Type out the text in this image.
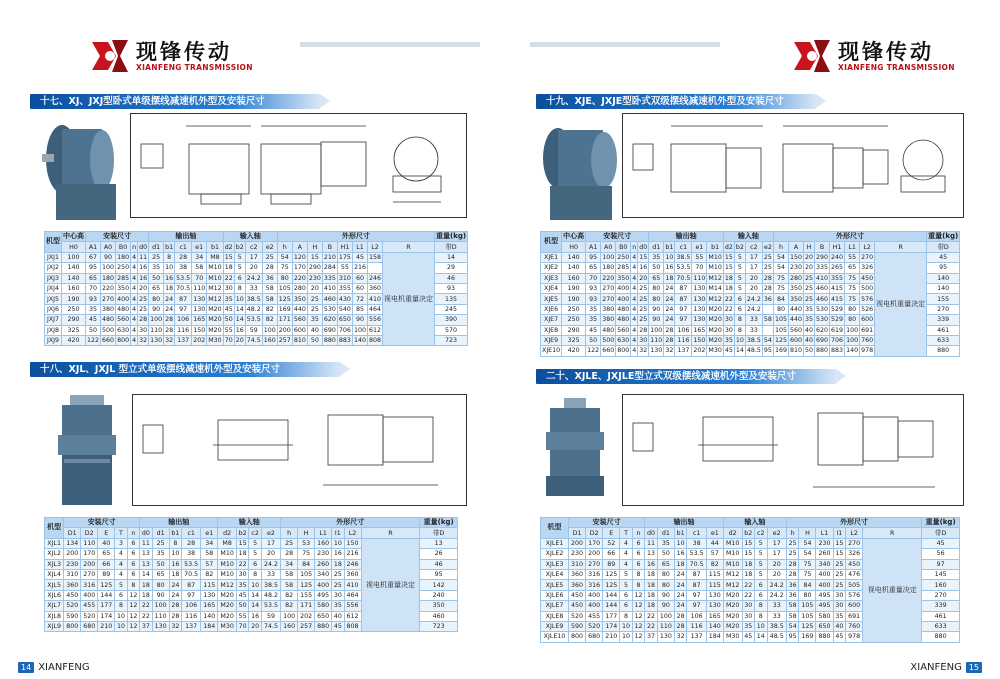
现锋传动
XIANFENG TRANSMISSION
十七、XJ、JXJ型卧式单级摆线减速机外型及安装尺寸
机型	中心高	安装尺寸					输出轴					输入轴				外形尺寸								重量(kg)
	H0	A1	A0	B0	n	d0	d1	b1	c1	e1	b1	d2	b2	c2	e2	h	A	H	B	H1	L1	L2	R	带D
JXJ1	100	67	90	180	4	11	25	8	28	34	M8	15	5	17	25	54	120	15	210	175	45	158	视电机重量决定	14
JXJ2	140	95	100	250	4	16	35	10	38	58	M10	18	5	20	28	75	170	290	284	55	216			29
JXJ3	140	65	180	285	4	16	50	16	53.5	70	M10	22	6	24.2	36	80	220	230	335	310	60	246		46
JXJ4	160	70	220	350	4	20	65	18	70.5	110	M12	30	8	33	58	105	280	20	410	355	60	360		93
JXJ5	190	93	270	400	4	25	80	24	87	130	M12	35	10	38.5	58	125	350	25	460	430	72	410		135
JXJ6	250	35	380	480	4	25	90	24	97	130	M20	45	14	48.2	82	169	440	25	530	540	85	464		245
JXJ7	290	45	480	560	4	28	100	28	106	165	M20	50	14	53.5	82	171	560	35	620	650	90	556		390
JXJ8	325	50	500	630	4	30	110	28	116	150	M20	55	16	59	100	200	600	40	690	706	100	612		570
JXJ9	420	122	660	800	4	32	130	32	137	202	M30	70	20	74.5	160	257	810	50	880	883	140	808		723
十八、XJL、JXJL 型立式单级摆线减速机外型及安装尺寸
机型	安装尺寸					输出轴					输入轴				外形尺寸						重量(kg)
	D1	D2	E	T	n	d0	d1	b1	c1	e1	d2	b2	c2	e2	h	H	L1	I1	L2	R	带D
XJL1	134	110	40	3	6	11	25	8	28	34	M8	15	5	17	25	53	160	10	150	视电机重量决定	13
XJL2	200	170	65	4	6	13	35	10	38	58	M10	18	5	20	28	75	230	16	216		26
XJL3	230	200	66	4	6	13	50	16	53.5	57	M10	22	6	24.2	34	84	260	18	246		46
XJL4	310	270	89	4	6	14	65	18	70.5	82	M10	30	8	33	58	105	340	25	360		95
XJL5	360	316	125	5	8	18	80	24	87	115	M12	35	10	38.5	58	125	400	25	410		142
XJL6	450	400	144	6	12	18	90	24	97	130	M20	45	14	48.2	82	155	495	30	464		240
XJL7	520	455	177	8	12	22	100	28	106	165	M20	50	14	53.5	82	171	580	35	556		350
XJL8	590	520	174	10	12	22	110	28	116	140	M20	55	16	59	100	202	650	40	612		460
XJL9	800	680	210	10	12	37	130	32	137	184	M30	70	20	74.5	160	257	880	45	808		723
14 XIANFENG
现锋传动
XIANFENG TRANSMISSION
十九、XJE、JXJE型卧式双级摆线减速机外型及安装尺寸
机型	中心高	安装尺寸					输出轴					输入轴				外形尺寸								重量(kg)
	H0	A1	A0	B0	n	d0	d1	b1	c1	e1	b1	d2	b2	c2	e2	h	A	H	B	H1	L1	L2	R	带D
XJE1	140	95	100	250	4	15	35	10	38.5	55	M10	15	5	17	25	54	150	20	290	240	55	270	视电机重量决定	45
XJE2	140	65	180	285	4	16	50	16	53.5	70	M10	15	5	17	25	54	230	20	335	265	65	326		95
XJE3	160	70	220	350	4	20	65	18	70.5	110	M12	18	5	20	28	75	280	25	410	355	75	450		140
XJE4	190	93	270	400	4	25	80	24	87	130	M14	18	5	20	28	75	350	25	460	415	75	500		140
XJE5	190	93	270	400	4	25	80	24	87	130	M12	22	6	24.2	36	84	350	25	460	415	75	576		155
XJE6	250	35	380	480	4	25	90	24	97	130	M20	22	6	24.2		80	440	35	530	529	80	526		270
XJE7	250	35	380	480	4	25	90	24	97	130	M20	30	8	33	58	105	440	35	530	529	80	600		339
XJE8	290	45	480	560	4	28	100	28	106	165	M20	30	8	33		105	560	40	620	619	100	691		461
XJE9	325	50	500	630	4	30	110	28	116	150	M20	35	10	38.5	54	125	600	40	690	706	100	760		633
XJE10	420	122	660	800	4	32	130	32	137	202	M30	45	14	48.5	95	169	810	50	880	883	140	978		880
二十、XJLE、JXJLE型立式双级摆线减速机外型及安装尺寸
机型	安装尺寸					输出轴					输入轴				外形尺寸						重量(kg)
	D1	D2	E	T	n	d0	d1	b1	c1	e1	d2	b2	c2	e2	h	H	L1	I1	L2	R	带D
XJLE1	200	170	52	4	6	11	35	10	38	44	M10	15	5	17	25	54	230	15	270	视电机重量决定	45
XJLE2	230	200	66	4	6	13	50	16	53.5	57	M10	15	5	17	25	54	260	15	326		56
XJLE3	310	270	89	4	6	16	65	18	70.5	82	M10	18	5	20	28	75	340	25	450		97
XJLE4	360	316	125	5	8	18	80	24	87	115	M12	18	5	20	28	75	400	25	476		145
XJLE5	360	316	125	5	8	18	80	24	87	115	M12	22	6	24.2	36	84	400	25	505		160
XJLE6	450	400	144	6	12	18	90	24	97	130	M20	22	6	24.2	36	80	495	30	576		270
XJLE7	450	400	144	6	12	18	90	24	97	130	M20	30	8	33	58	105	495	30	600		339
XJLE8	520	455	177	8	12	22	100	28	106	165	M20	30	8	33	58	105	580	35	691		461
XJLE9	590	520	174	10	12	22	110	28	116	140	M20	35	10	38.5	54	125	650	40	760		633
XJLE10	800	680	210	10	12	37	130	32	137	184	M30	45	14	48.5	95	169	880	45	978		880
XIANFENG 15
